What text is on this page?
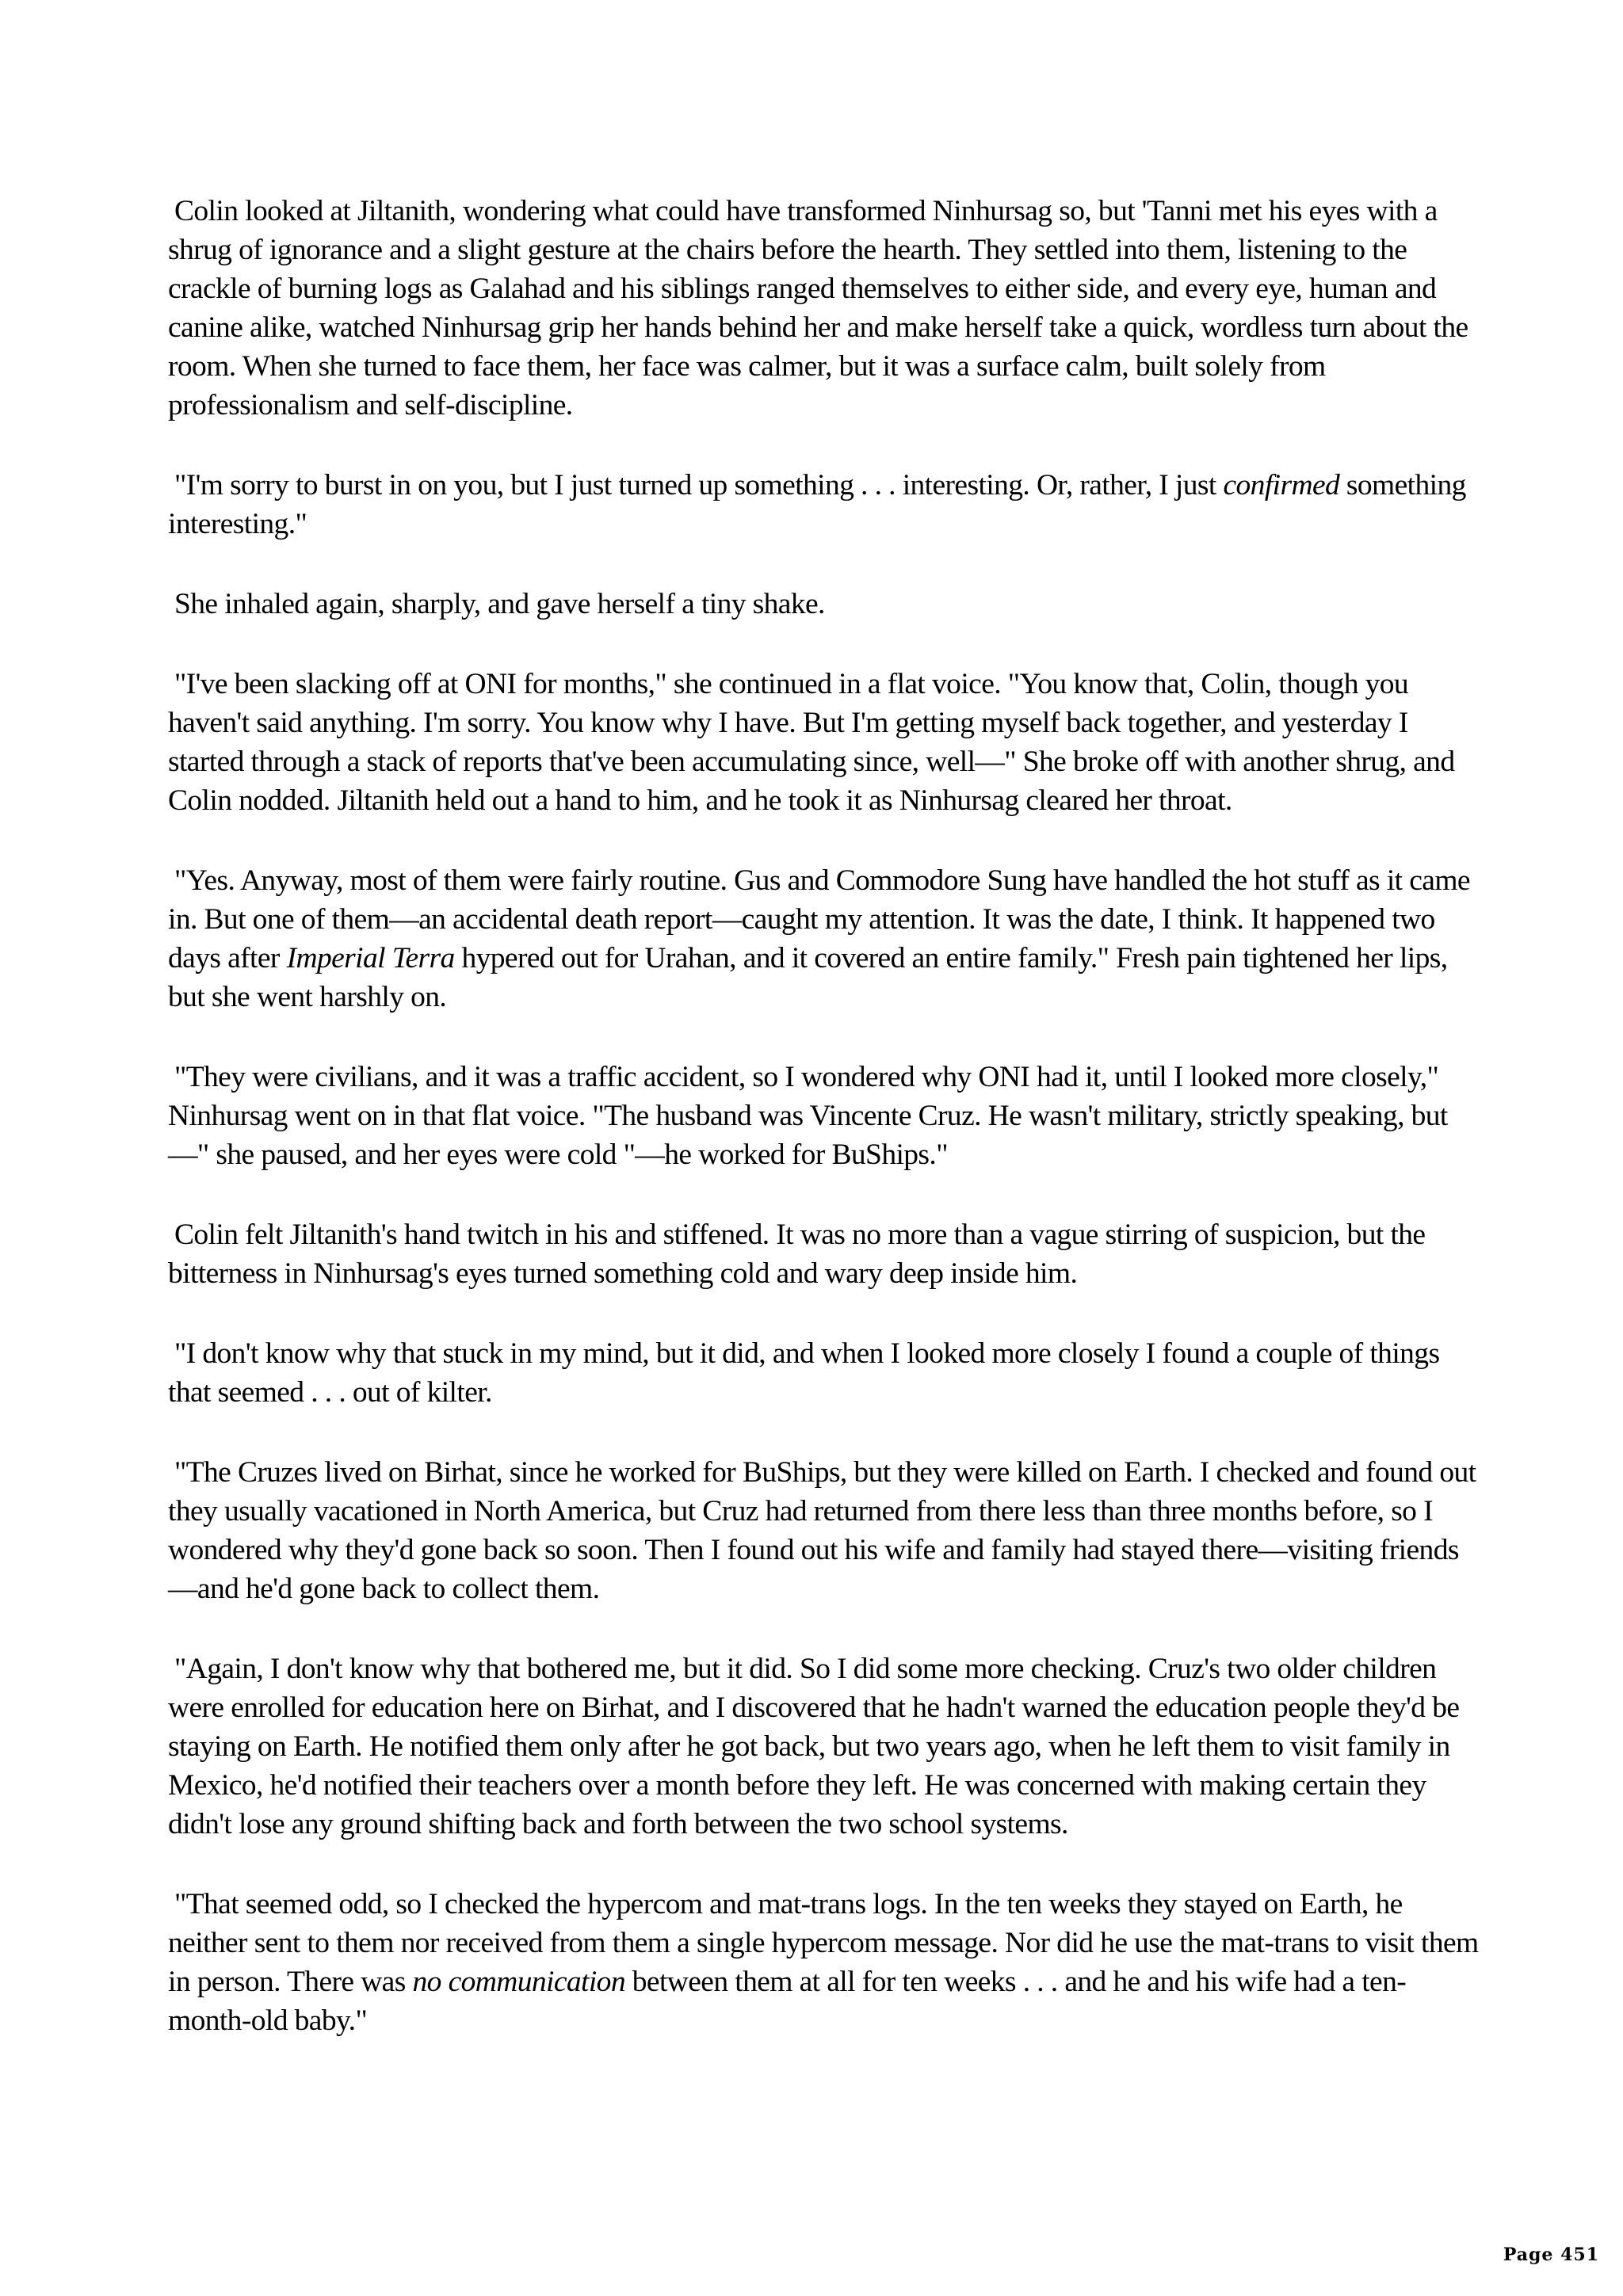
Colin looked at Jiltanith, wondering what could have transformed Ninhursag so, but 'Tanni met his eyes with a shrug of ignorance and a slight gesture at the chairs before the hearth. They settled into them, listening to the crackle of burning logs as Galahad and his siblings ranged themselves to either side, and every eye, human and canine alike, watched Ninhursag grip her hands behind her and make herself take a quick, wordless turn about the room. When she turned to face them, her face was calmer, but it was a surface calm, built solely from professionalism and self-discipline.

"I'm sorry to burst in on you, but I just turned up something . . . interesting. Or, rather, I just confirmed something interesting."

She inhaled again, sharply, and gave herself a tiny shake.

"I've been slacking off at ONI for months," she continued in a flat voice. "You know that, Colin, though you haven't said anything. I'm sorry. You know why I have. But I'm getting myself back together, and yesterday I started through a stack of reports that've been accumulating since, well—" She broke off with another shrug, and Colin nodded. Jiltanith held out a hand to him, and he took it as Ninhursag cleared her throat.

"Yes. Anyway, most of them were fairly routine. Gus and Commodore Sung have handled the hot stuff as it came in. But one of them—an accidental death report—caught my attention. It was the date, I think. It happened two days after Imperial Terra hypered out for Urahan, and it covered an entire family." Fresh pain tightened her lips, but she went harshly on.

"They were civilians, and it was a traffic accident, so I wondered why ONI had it, until I looked more closely," Ninhursag went on in that flat voice. "The husband was Vincente Cruz. He wasn't military, strictly speaking, but—" she paused, and her eyes were cold "—he worked for BuShips."

Colin felt Jiltanith's hand twitch in his and stiffened. It was no more than a vague stirring of suspicion, but the bitterness in Ninhursag's eyes turned something cold and wary deep inside him.

"I don't know why that stuck in my mind, but it did, and when I looked more closely I found a couple of things that seemed . . . out of kilter.

"The Cruzes lived on Birhat, since he worked for BuShips, but they were killed on Earth. I checked and found out they usually vacationed in North America, but Cruz had returned from there less than three months before, so I wondered why they'd gone back so soon. Then I found out his wife and family had stayed there—visiting friends—and he'd gone back to collect them.

"Again, I don't know why that bothered me, but it did. So I did some more checking. Cruz's two older children were enrolled for education here on Birhat, and I discovered that he hadn't warned the education people they'd be staying on Earth. He notified them only after he got back, but two years ago, when he left them to visit family in Mexico, he'd notified their teachers over a month before they left. He was concerned with making certain they didn't lose any ground shifting back and forth between the two school systems.

"That seemed odd, so I checked the hypercom and mat-trans logs. In the ten weeks they stayed on Earth, he neither sent to them nor received from them a single hypercom message. Nor did he use the mat-trans to visit them in person. There was no communication between them at all for ten weeks . . . and he and his wife had a ten-month-old baby."

Page 451
